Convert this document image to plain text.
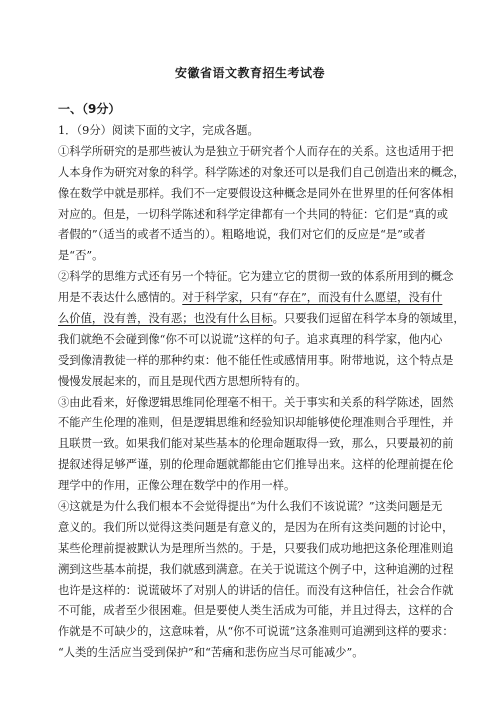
安徽省语文教育招生考试卷
一、（9分）
1．（9分）阅读下面的文字，完成各题。
①科学所研究的是那些被认为是独立于研究者个人而存在的关系。这也适用于把
人本身作为研究对象的科学。科学陈述的对象还可以是我们自己创造出来的概念，
像在数学中就是那样。我们不一定要假设这种概念是同外在世界里的任何客体相
对应的。但是，一切科学陈述和科学定律都有一个共同的特征：它们是“真的或
者假的”（适当的或者不适当的）。粗略地说，我们对它们的反应是“是”或者
是“否”。
②科学的思维方式还有另一个特征。它为建立它的贯彻一致的体系所用到的概念
用是不表达什么感情的。对于科学家，只有“存在”，而没有什么愿望，没有什
么价值，没有善，没有恶；也没有什么目标。只要我们逗留在科学本身的领域里，
我们就绝不会碰到像“你不可以说谎”这样的句子。追求真理的科学家，他内心
受到像清教徒一样的那种约束：他不能任性或感情用事。附带地说，这个特点是
慢慢发展起来的，而且是现代西方思想所特有的。
③由此看来，好像逻辑思维同伦理毫不相干。关于事实和关系的科学陈述，固然
不能产生伦理的准则，但是逻辑思维和经验知识却能够使伦理准则合乎理性，并
且联贯一致。如果我们能对某些基本的伦理命题取得一致，那么，只要最初的前
提叙述得足够严谨，别的伦理命题就都能由它们推导出来。这样的伦理前提在伦
理学中的作用，正像公理在数学中的作用一样。
④这就是为什么我们根本不会觉得提出“为什么我们不该说谎？”这类问题是无
意义的。我们所以觉得这类问题是有意义的，是因为在所有这类问题的讨论中，
某些伦理前提被默认为是理所当然的。于是，只要我们成功地把这条伦理准则追
溯到这些基本前提，我们就感到满意。在关于说谎这个例子中，这种追溯的过程
也许是这样的：说谎破坏了对别人的讲话的信任。而没有这种信任，社会合作就
不可能，成者至少很困难。但是要使人类生活成为可能，并且过得去，这样的合
作就是不可缺少的，这意味着，从“你不可说谎”这条准则可追溯到这样的要求：
“人类的生活应当受到保护”和“苦痛和悲伤应当尽可能减少”。
